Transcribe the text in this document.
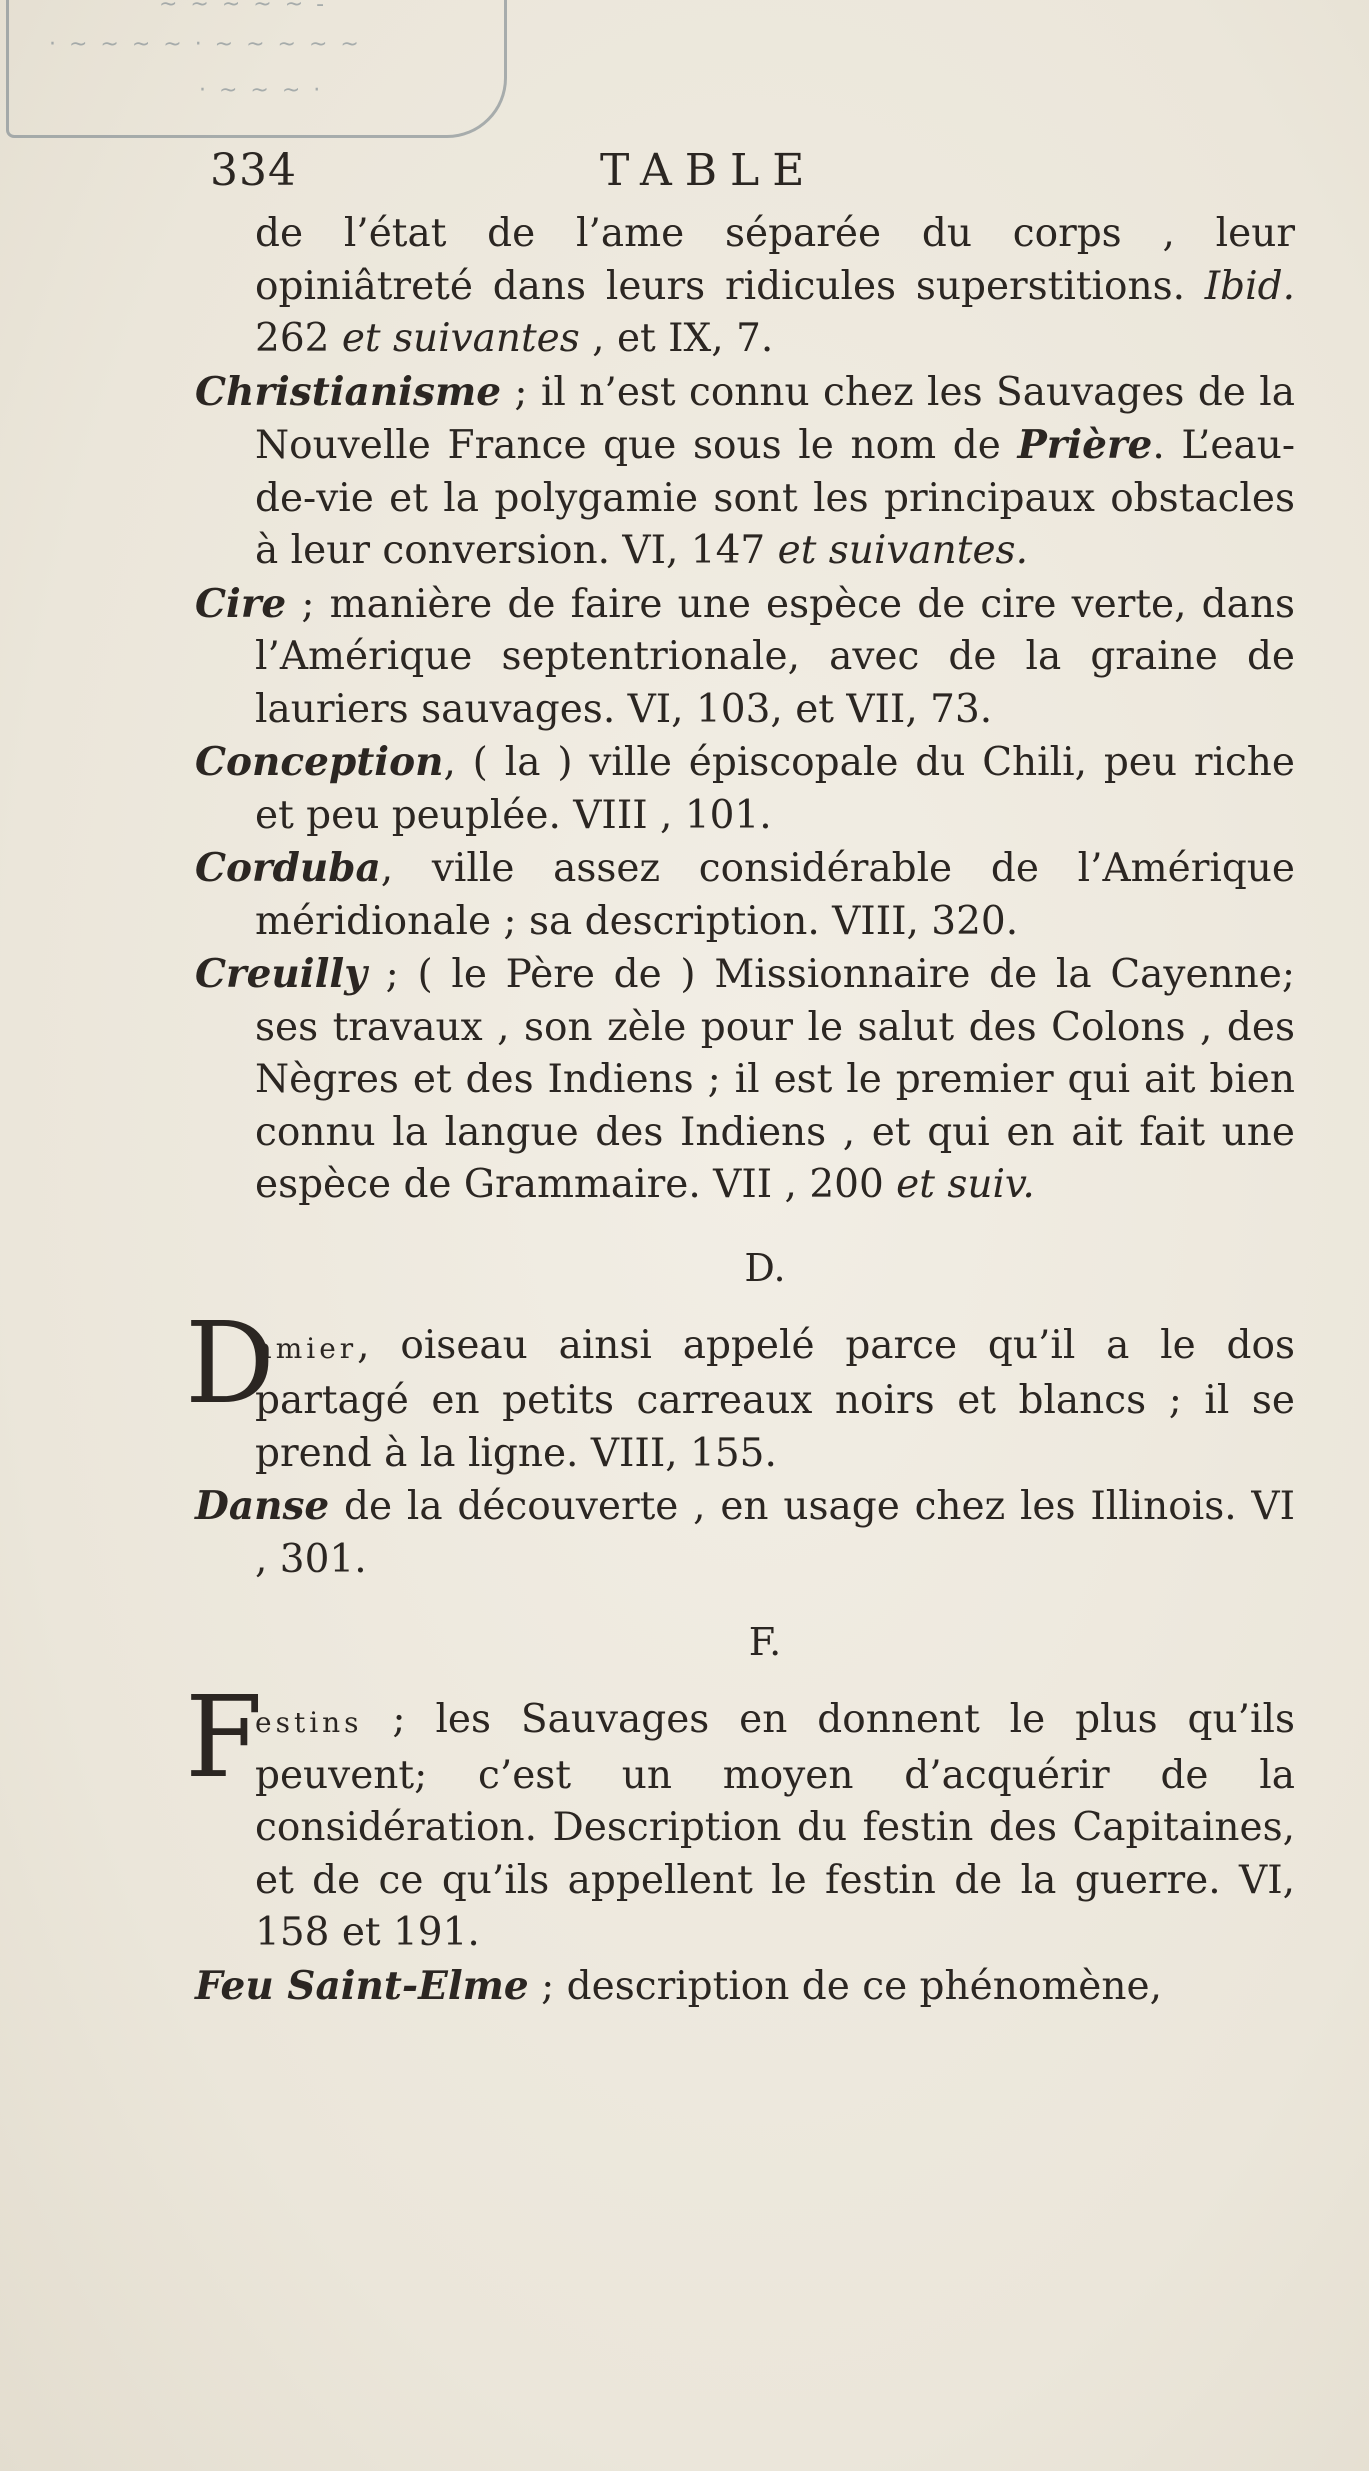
~ ~ ~ ~ ~ -
· ~ ~ ~ ~ · ~ ~ ~ ~ ~
· ~ ~ ~ ·
334	TABLE

de l’état de l’ame séparée du corps , leur opiniâtreté dans leurs ridicules superstitions. Ibid. 262 et suivantes , et IX, 7.

Christianisme ; il n’est connu chez les Sauvages de la Nouvelle France que sous le nom de Prière. L’eau-de-vie et la polygamie sont les principaux obstacles à leur conversion. VI, 147 et suivantes.

Cire ; manière de faire une espèce de cire verte, dans l’Amérique septentrionale, avec de la graine de lauriers sauvages. VI, 103, et VII, 73.

Conception, ( la ) ville épiscopale du Chili, peu riche et peu peuplée. VIII , 101.

Corduba, ville assez considérable de l’Amérique méridionale ; sa description. VIII, 320.

Creuilly ; ( le Père de ) Missionnaire de la Cayenne; ses travaux , son zèle pour le salut des Colons , des Nègres et des Indiens ; il est le premier qui ait bien connu la langue des Indiens , et qui en ait fait une espèce de Grammaire. VII , 200 et suiv.

D.

D
amier, oiseau ainsi appelé parce qu’il a le dos partagé en petits carreaux noirs et blancs ; il se prend à la ligne. VIII, 155.

Danse de la découverte , en usage chez les Illinois. VI , 301.

F.

F
estins ; les Sauvages en donnent le plus qu’ils peuvent; c’est un moyen d’acquérir de la considération. Description du festin des Capitaines, et de ce qu’ils appellent le festin de la guerre. VI, 158 et 191.

Feu Saint-Elme ; description de ce phénomène,
